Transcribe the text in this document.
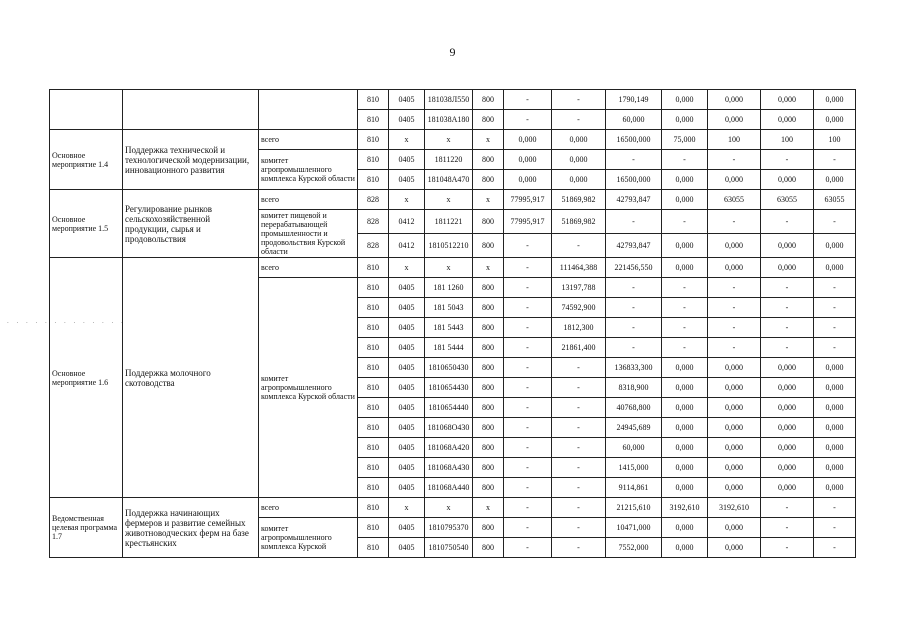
9
. . . . . . . . . . . . .
			810	0405	181038Л550	800	-	-	1790,149	0,000	0,000	0,000	0,000
			810	0405	181038А180	800	-	-	60,000	0,000	0,000	0,000	0,000
Основное мероприятие 1.4	Поддержка технической и технологической модернизации, инновационного развития	всего	810	х	х	х	0,000	0,000	16500,000	75,000	100	100	100
		комитет агропромышленного комплекса Курской области	810	0405	1811220	800	0,000	0,000	-	-	-	-	-
			810	0405	181048А470	800	0,000	0,000	16500,000	0,000	0,000	0,000	0,000
Основное мероприятие 1.5	Регулирование рынков сельскохозяйственной продукции, сырья и продовольствия	всего	828	х	х	х	77995,917	51869,982	42793,847	0,000	63055	63055	63055
		комитет пищевой и перерабатывающей промышленности и продовольствия Курской области	828	0412	1811221	800	77995,917	51869,982	-	-	-	-	-
			828	0412	1810512210	800	-	-	42793,847	0,000	0,000	0,000	0,000
Основное мероприятие 1.6	Поддержка молочного скотоводства	всего	810	х	х	х	-	111464,388	221456,550	0,000	0,000	0,000	0,000
		комитет агропромышленного комплекса Курской области	810	0405	181 1260	800	-	13197,788	-	-	-	-	-
			810	0405	181 5043	800	-	74592,900	-	-	-	-	-
			810	0405	181 5443	800	-	1812,300	-	-	-	-	-
			810	0405	181 5444	800	-	21861,400	-	-	-	-	-
			810	0405	1810650430	800	-	-	136833,300	0,000	0,000	0,000	0,000
			810	0405	1810654430	800	-	-	8318,900	0,000	0,000	0,000	0,000
			810	0405	1810654440	800	-	-	40768,800	0,000	0,000	0,000	0,000
			810	0405	181068О430	800	-	-	24945,689	0,000	0,000	0,000	0,000
			810	0405	181068А420	800	-	-	60,000	0,000	0,000	0,000	0,000
			810	0405	181068А430	800	-	-	1415,000	0,000	0,000	0,000	0,000
			810	0405	181068А440	800	-	-	9114,861	0,000	0,000	0,000	0,000
Ведомственная целевая программа 1.7	Поддержка начинающих фермеров и развитие семейных животноводческих ферм на базе крестьянских	всего	810	х	х	х	-	-	21215,610	3192,610	3192,610	-	-
		комитет агропромышленного комплекса Курской	810	0405	1810795370	800	-	-	10471,000	0,000	0,000	-	-
			810	0405	1810750540	800	-	-	7552,000	0,000	0,000	-	-
